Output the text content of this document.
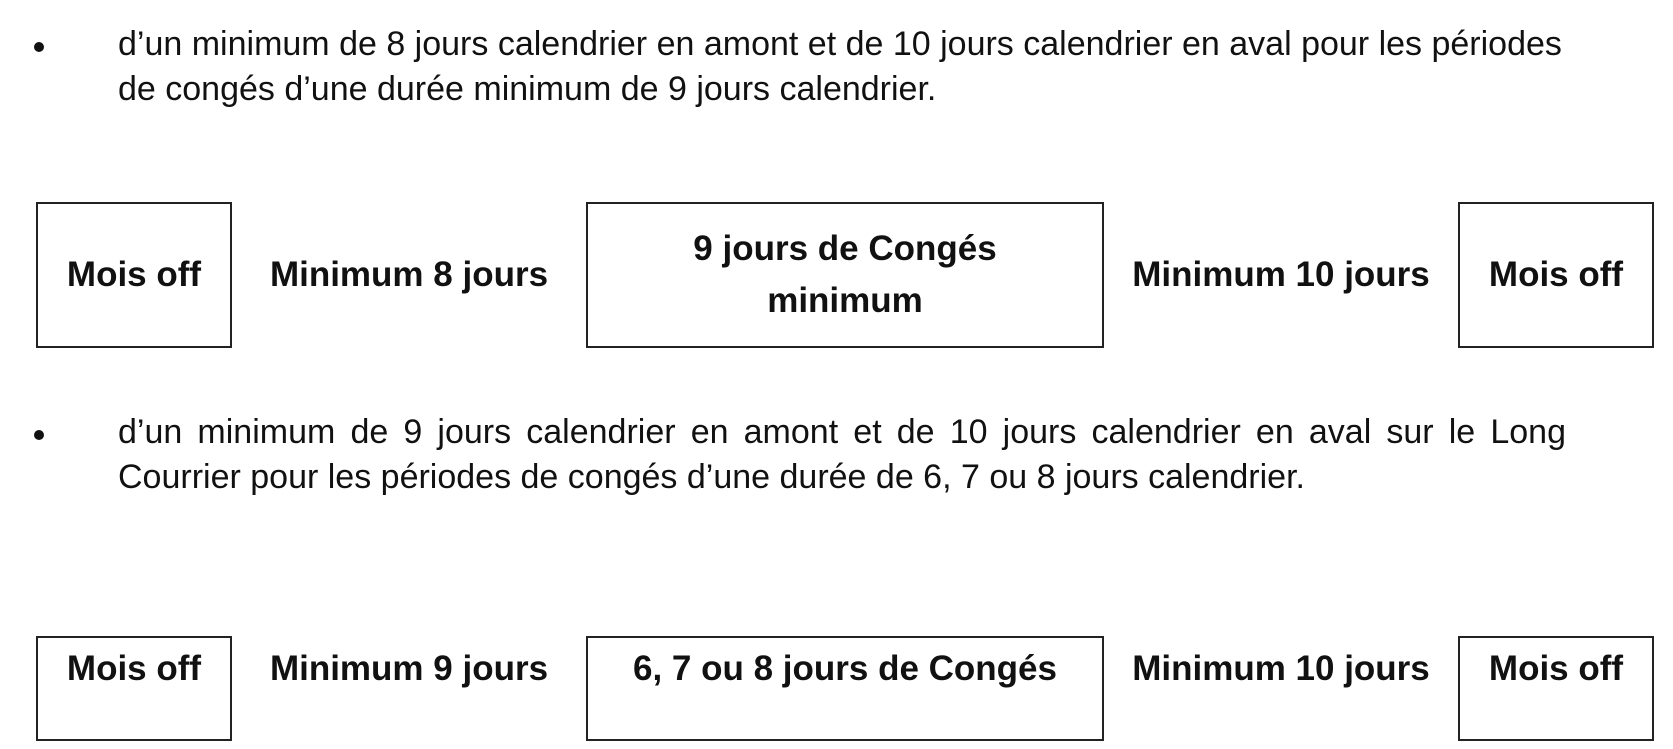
d’un minimum de 8 jours calendrier en amont et de 10 jours calendrier en aval pour les périodes de congés d’une durée minimum de 9 jours calendrier.

Mois off	Minimum 8 jours
9 jours de Congés minimum
Minimum 10 jours	Mois off

d’un minimum de 9 jours calendrier en amont et de 10 jours calendrier en aval sur le Long Courrier pour les périodes de congés d’une durée de 6, 7 ou 8 jours calendrier.

Mois off	Minimum 9 jours	6, 7 ou 8 jours de Congés	Minimum 10 jours	Mois off
